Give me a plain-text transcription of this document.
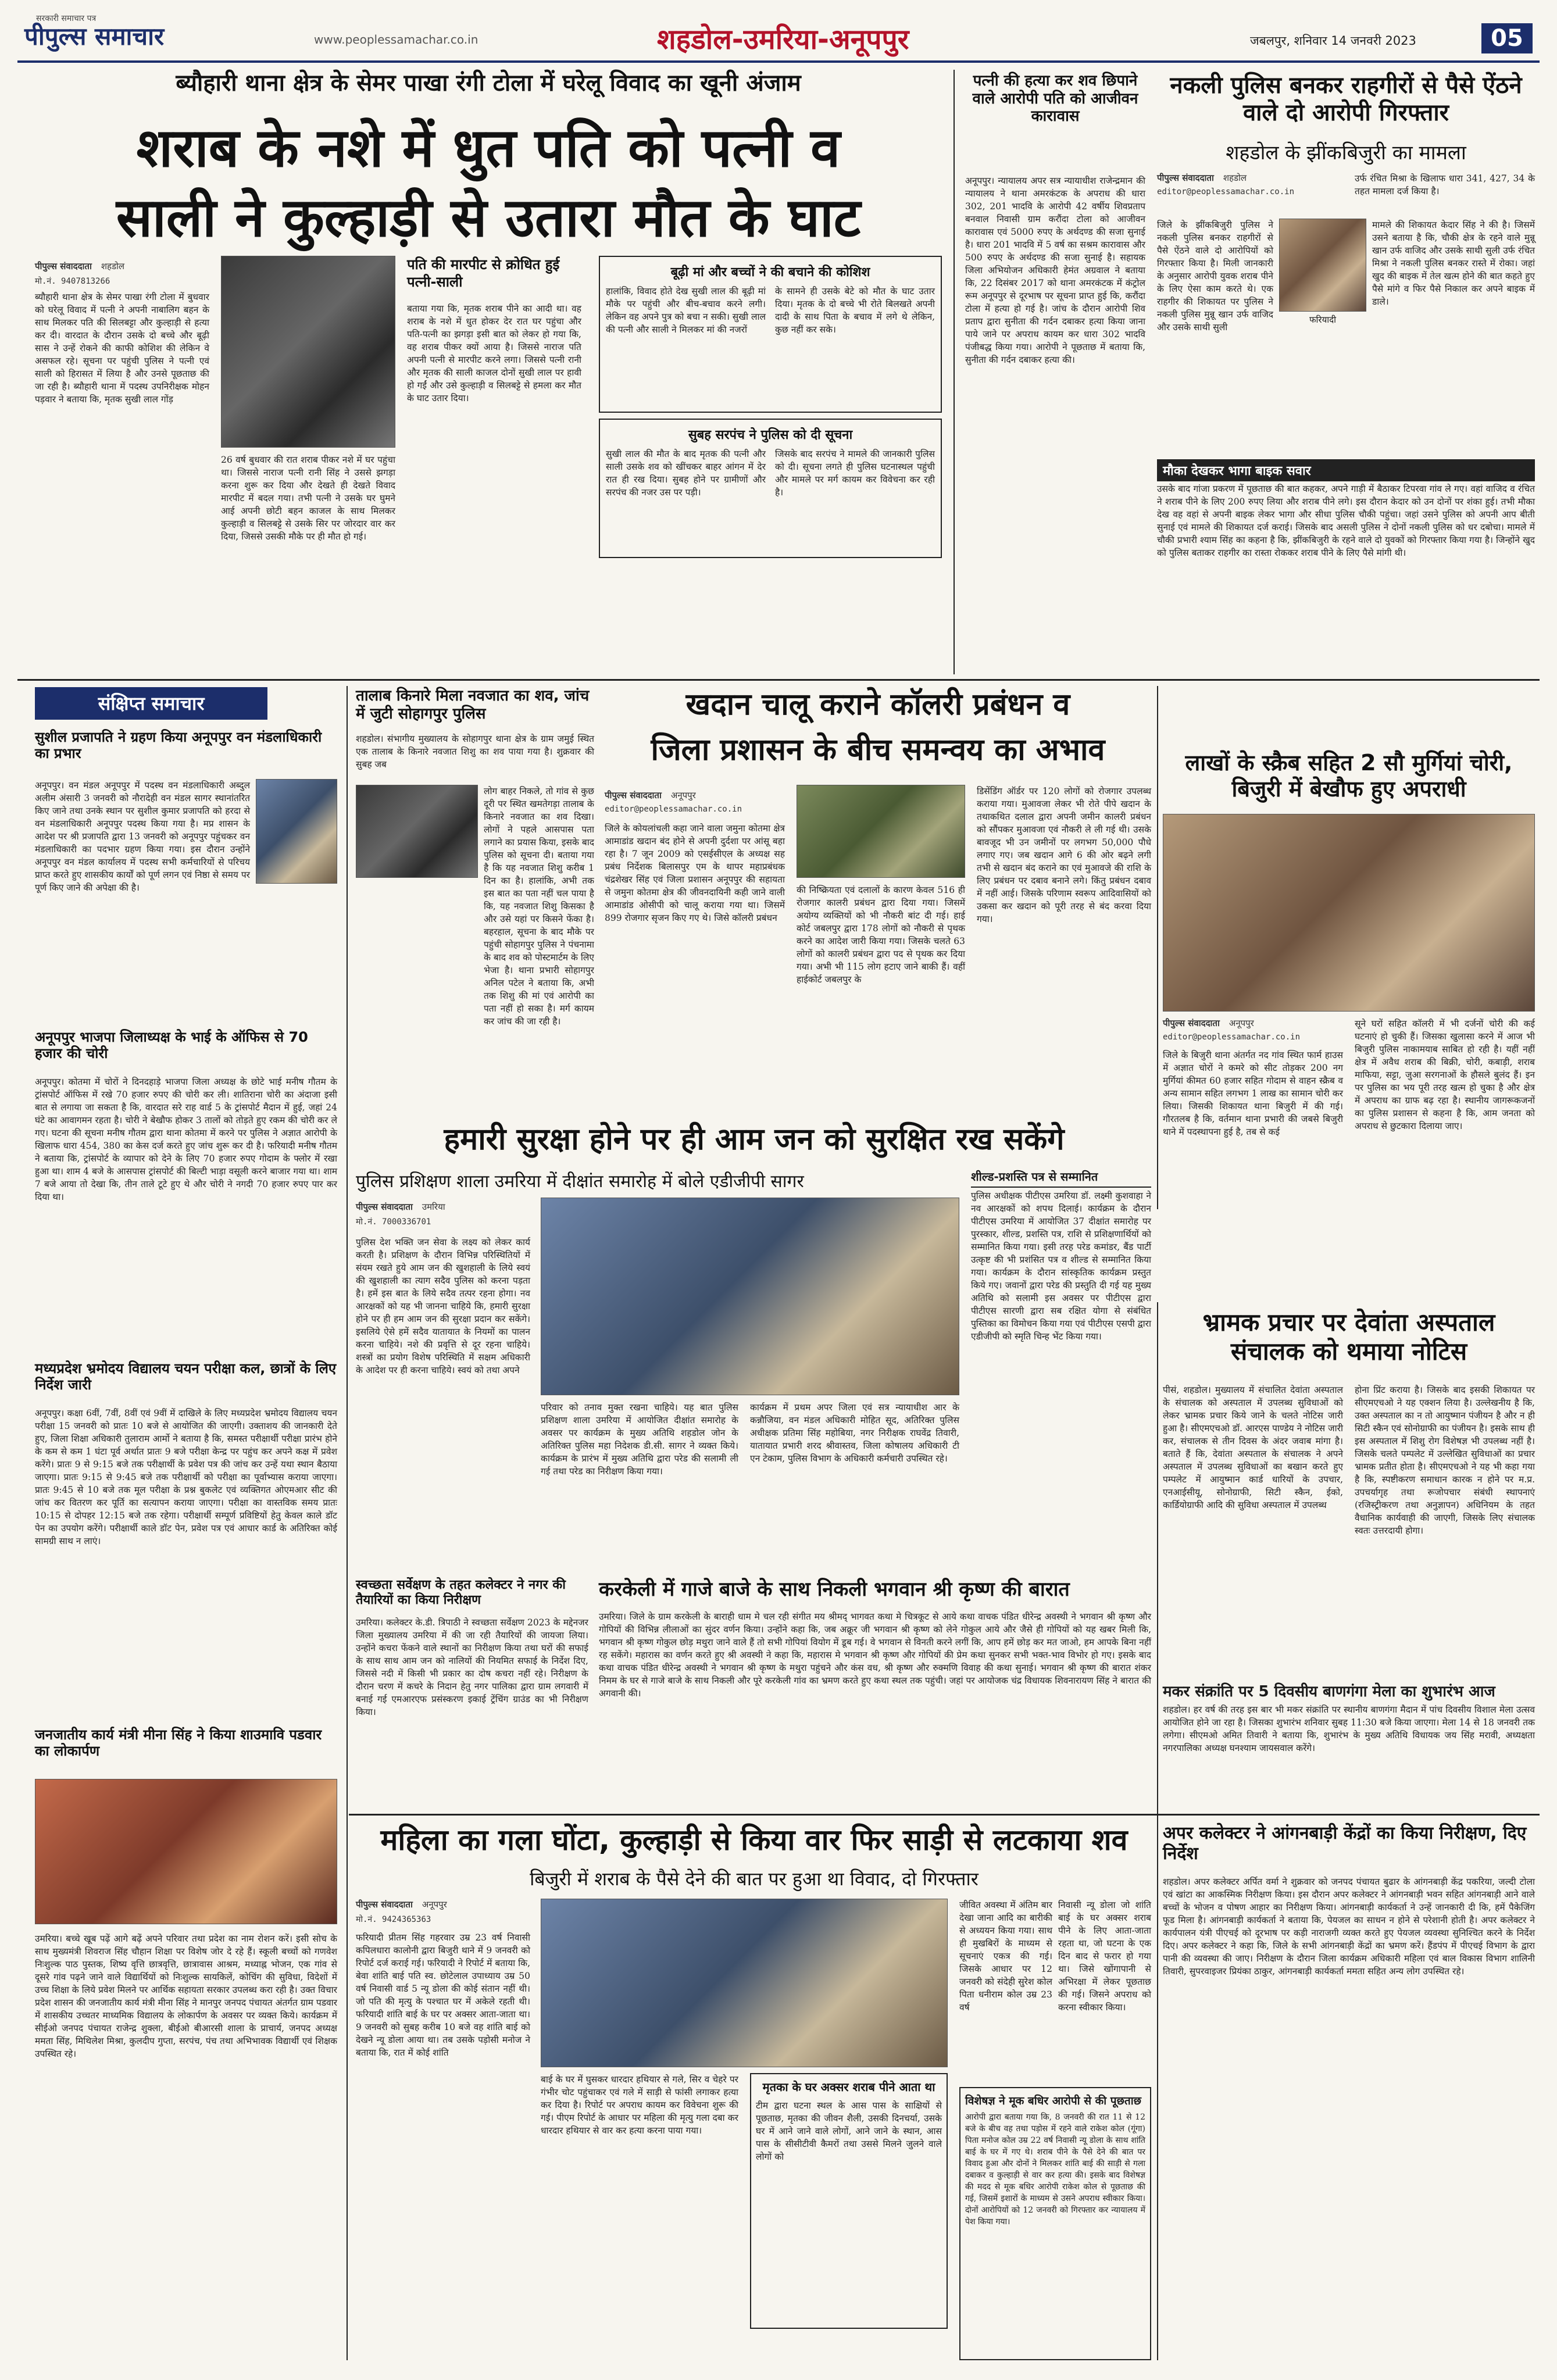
सरकारी समाचार पत्र
पीपुल्स समाचार	www.peoplessamachar.co.in	शहडोल-उमरिया-अनूपपुर	जबलपुर, शनिवार 14 जनवरी 2023	05
ब्यौहारी थाना क्षेत्र के सेमर पाखा रंगी टोला में घरेलू विवाद का खूनी अंजाम
शराब के नशे में धुत पति को पत्नी व
साली ने कुल्हाड़ी से उतारा मौत के घाट
पीपुल्स संवाददाता शहडोल
मो.नं. 9407813266
ब्यौहारी थाना क्षेत्र के सेमर पाखा रंगी टोला में बुधवार को घरेलू विवाद में पत्नी ने अपनी नाबालिग बहन के साथ मिलकर पति की सिलबट्टा और कुल्हाड़ी से हत्या कर दी। वारदात के दौरान उसके दो बच्चे और बूढ़ी सास ने उन्हें रोकने की काफी कोशिश की लेकिन वे असफल रहे। सूचना पर पहुंची पुलिस ने पत्नी एवं साली को हिरासत में लिया है और उनसे पूछताछ की जा रही है। ब्यौहारी थाना में पदस्थ उपनिरीक्षक मोहन पड़वार ने बताया कि, मृतक सुखी लाल गोंड़
26 वर्ष बुधवार की रात शराब पीकर नशे में घर पहुंचा था। जिससे नाराज पत्नी रानी सिंह ने उससे झगड़ा करना शुरू कर दिया और देखते ही देखते विवाद मारपीट में बदल गया। तभी पत्नी ने उसके घर घुमने आई अपनी छोटी बहन काजल के साथ मिलकर कुल्हाड़ी व सिलबट्टे से उसके सिर पर जोरदार वार कर दिया, जिससे उसकी मौके पर ही मौत हो गई।
पति की मारपीट से क्रोधित हुई पत्नी-साली
बताया गया कि, मृतक शराब पीने का आदी था। वह शराब के नशे में धुत होकर देर रात घर पहुंचा और पति-पत्नी का झगड़ा इसी बात को लेकर हो गया कि, वह शराब पीकर क्यों आया है। जिससे नाराज पति अपनी पत्नी से मारपीट करने लगा। जिससे पत्नी रानी और मृतक की साली काजल दोनों सुखी लाल पर हावी हो गईं और उसे कुल्हाड़ी व सिलबट्टे से हमला कर मौत के घाट उतार दिया।
बूढ़ी मां और बच्चों ने की बचाने की कोशिश
हालांकि, विवाद होते देख सुखी लाल की बूढ़ी मां मौके पर पहुंची और बीच-बचाव करने लगी। लेकिन वह अपने पुत्र को बचा न सकी। सुखी लाल की पत्नी और साली ने मिलकर मां की नजरों
के सामने ही उसके बेटे को मौत के घाट उतार दिया। मृतक के दो बच्चे भी रोते बिलखते अपनी दादी के साथ पिता के बचाव में लगे थे लेकिन, कुछ नहीं कर सके।
सुबह सरपंच ने पुलिस को दी सूचना
सुखी लाल की मौत के बाद मृतक की पत्नी और साली उसके शव को खींचकर बाहर आंगन में देर रात ही रख दिया। सुबह होने पर ग्रामीणों और सरपंच की नजर उस पर पड़ी।
जिसके बाद सरपंच ने मामले की जानकारी पुलिस को दी। सूचना लगते ही पुलिस घटनास्थल पहुंची और मामले पर मर्ग कायम कर विवेचना कर रही है।
पत्नी की हत्या कर शव छिपाने वाले आरोपी पति को आजीवन कारावास
अनूपपुर। न्यायालय अपर सत्र न्यायाधीश राजेन्द्रमान की न्यायालय ने थाना अमरकंटक के अपराध की धारा 302, 201 भादवि के आरोपी 42 वर्षीय शिवप्रताप बनवाल निवासी ग्राम करौंदा टोला को आजीवन कारावास एवं 5000 रुपए के अर्थदण्ड की सजा सुनाई है। धारा 201 भादवि में 5 वर्ष का सश्रम कारावास और 500 रुपए के अर्थदण्ड की सजा सुनाई है। सहायक जिला अभियोजन अधिकारी हेमंत अग्रवाल ने बताया कि, 22 दिसंबर 2017 को थाना अमरकंटक में कंट्रोल रूम अनूपपुर से दूरभाष पर सूचना प्राप्त हुई कि, करौंदा टोला में हत्या हो गई है। जांच के दौरान आरोपी शिव प्रताप द्वारा सुनीता की गर्दन दबाकर हत्या किया जाना पाये जाने पर अपराध कायम कर धारा 302 भादवि पंजीबद्ध किया गया। आरोपी ने पूछताछ में बताया कि, सुनीता की गर्दन दबाकर हत्या की।
नकली पुलिस बनकर राहगीरों से पैसे ऐंठने वाले दो आरोपी गिरफ्तार
शहडोल के झींकबिजुरी का मामला
पीपुल्स संवाददाता शहडोल
editor@peoplessamachar.co.in
उर्फ रंचित मिश्रा के खिलाफ धारा 341, 427, 34 के तहत मामला दर्ज किया है।
जिले के झींकबिजुरी पुलिस ने नकली पुलिस बनकर राहगीरों से पैसे ऐंठने वाले दो आरोपियों को गिरफ्तार किया है। मिली जानकारी के अनुसार आरोपी युवक शराब पीने के लिए ऐसा काम करते थे। एक राहगीर की शिकायत पर पुलिस ने नकली पुलिस मुन्नू खान उर्फ वाजिद और उसके साथी सुली
फरियादी
मामले की शिकायत केदार सिंह ने की है। जिसमें उसने बताया है कि, चौकी क्षेत्र के रहने वाले मुन्नू खान उर्फ वाजिद और उसके साथी सुली उर्फ रंचित मिश्रा ने नकली पुलिस बनकर रास्ते में रोका। जहां खुद की बाइक में तेल खत्म होने की बात कहते हुए पैसे मांगे व फिर पैसे निकाल कर अपने बाइक में डाले।
मौका देखकर भागा बाइक सवार
उसके बाद गांजा प्रकरण में पूछताछ की बात कहकर, अपने गाड़ी में बैठाकर टिपरवा गांव ले गए। वहां वाजिद व रंचित ने शराब पीने के लिए 200 रुपए लिया और शराब पीने लगे। इस दौरान केदार को उन दोनों पर शंका हुई। तभी मौका देख वह वहां से अपनी बाइक लेकर भागा और सीधा पुलिस चौकी पहुंचा। जहां उसने पुलिस को अपनी आप बीती सुनाई एवं मामले की शिकायत दर्ज कराई। जिसके बाद असली पुलिस ने दोनों नकली पुलिस को धर दबोचा। मामले में चौकी प्रभारी श्याम सिंह का कहना है कि, झींकबिजुरी के रहने वाले दो युवकों को गिरफ्तार किया गया है। जिन्होंने खुद को पुलिस बताकर राहगीर का रास्ता रोककर शराब पीने के लिए पैसे मांगी थी।
संक्षिप्त समाचार
सुशील प्रजापति ने ग्रहण किया अनूपपुर वन मंडलाधिकारी का प्रभार
अनूपपुर। वन मंडल अनूपपुर में पदस्थ वन मंडलाधिकारी अब्दुल अलीम अंसारी 3 जनवरी को नौरादेही वन मंडल सागर स्थानांतरित किए जाने तथा उनके स्थान पर सुशील कुमार प्रजापति को हरदा से वन मंडलाधिकारी अनूपपुर पदस्थ किया गया है। मप्र शासन के आदेश पर श्री प्रजापति द्वारा 13 जनवरी को अनूपपुर पहुंचकर वन मंडलाधिकारी का पदभार ग्रहण किया गया। इस दौरान उन्होंने अनूपपुर वन मंडल कार्यालय में पदस्थ सभी कर्मचारियों से परिचय प्राप्त करते हुए शासकीय कार्यों को पूर्ण लगन एवं निष्ठा से समय पर पूर्ण किए जाने की अपेक्षा की है।
अनूपपुर भाजपा जिलाध्यक्ष के भाई के ऑफिस से 70 हजार की चोरी
अनूपपुर। कोतमा में चोरों ने दिनदहाड़े भाजपा जिला अध्यक्ष के छोटे भाई मनीष गौतम के ट्रांसपोर्ट ऑफिस में रखे 70 हजार रुपए की चोरी कर ली। शातिराना चोरी का अंदाजा इसी बात से लगाया जा सकता है कि, वारदात सरे राह वार्ड 5 के ट्रांसपोर्ट मैदान में हुई, जहां 24 घंटे का आवागमन रहता है। चोरी ने बेखौफ होकर 3 तालों को तोड़ते हुए रकम की चोरी कर ले गए। घटना की सूचना मनीष गौतम द्वारा थाना कोतमा में करने पर पुलिस ने अज्ञात आरोपी के खिलाफ धारा 454, 380 का केस दर्ज करते हुए जांच शुरू कर दी है। फरियादी मनीष गौतम ने बताया कि, ट्रांसपोर्ट के व्यापार को देने के लिए 70 हजार रुपए गोदाम के फ्लोर में रखा हुआ था। शाम 4 बजे के आसपास ट्रांसपोर्ट की बिल्टी भाड़ा वसूली करने बाजार गया था। शाम 7 बजे आया तो देखा कि, तीन ताले टूटे हुए थे और चोरी ने नगदी 70 हजार रुपए पार कर दिया था।
मध्यप्रदेश भ्रमोदय विद्यालय चयन परीक्षा कल, छात्रों के लिए निर्देश जारी
अनूपपुर। कक्षा 6वीं, 7वीं, 8वीं एवं 9वीं में दाखिले के लिए मध्यप्रदेश भ्रमोदय विद्यालय चयन परीक्षा 15 जनवरी को प्रातः 10 बजे से आयोजित की जाएगी। उक्ताशय की जानकारी देते हुए, जिला शिक्षा अधिकारी तुलाराम आर्मो ने बताया है कि, समस्त परीक्षार्थी परीक्षा प्रारंभ होने के कम से कम 1 घंटा पूर्व अर्थात प्रातः 9 बजे परीक्षा केन्द्र पर पहुंच कर अपने कक्ष में प्रवेश करेंगे। प्रातः 9 से 9:15 बजे तक परीक्षार्थी के प्रवेश पत्र की जांच कर उन्हें यथा स्थान बैठाया जाएगा। प्रातः 9:15 से 9:45 बजे तक परीक्षार्थी को परीक्षा का पूर्वाभ्यास कराया जाएगा। प्रातः 9:45 से 10 बजे तक मूल परीक्षा के प्रश्न बुकलेट एवं व्यक्तिगत ओएमआर सीट की जांच कर वितरण कर पूर्ति का सत्यापन कराया जाएगा। परीक्षा का वास्तविक समय प्रातः 10:15 से दोपहर 12:15 बजे तक रहेगा। परीक्षार्थी सम्पूर्ण प्रविष्टियों हेतु केवल काले डॉट पेन का उपयोग करेंगे। परीक्षार्थी काले डॉट पेन, प्रवेश पत्र एवं आधार कार्ड के अतिरिक्त कोई सामग्री साथ न लाएं।
जनजातीय कार्य मंत्री मीना सिंह ने किया शाउमावि पडवार का लोकार्पण
उमरिया। बच्चे खूब पढ़ें आगे बढ़ें अपने परिवार तथा प्रदेश का नाम रोशन करें। इसी सोच के साथ मुख्यमंत्री शिवराज सिंह चौहान शिक्षा पर विशेष जोर दे रहे हैं। स्कूली बच्चों को गणवेश निःशुल्क पाठ पुस्तक, शिष्य वृत्ति छात्रवृत्ति, छात्रावास आश्रम, मध्याह्न भोजन, एक गांव से दूसरे गांव पढ़ने जाने वाले विद्यार्थियों को निःशुल्क सायकिलें, कोचिंग की सुविधा, विदेशों में उच्च शिक्षा के लिये प्रवेश मिलने पर आर्थिक सहायता सरकार उपलब्ध करा रही है। उक्त विचार प्रदेश शासन की जनजातीय कार्य मंत्री मीना सिंह ने मानपुर जनपद पंचायत अंतर्गत ग्राम पडवार में शासकीय उच्चतर माध्यमिक विद्यालय के लोकार्पण के अवसर पर व्यक्त किये। कार्यक्रम में सीईओ जनपद पंचायत राजेन्द्र शुक्ला, बीईओ बीआरसी शाला के प्राचार्य, जनपद अध्यक्ष ममता सिंह, मिथिलेश मिश्रा, कुलदीप गुप्ता, सरपंच, पंच तथा अभिभावक विद्यार्थी एवं शिक्षक उपस्थित रहे।
तालाब किनारे मिला नवजात का शव, जांच में जुटी सोहागपुर पुलिस
शहडोल। संभागीय मुख्यालय के सोहागपुर थाना क्षेत्र के ग्राम जमुई स्थित एक तालाब के किनारे नवजात शिशु का शव पाया गया है। शुक्रवार की सुबह जब
लोग बाहर निकले, तो गांव से कुछ दूरी पर स्थित खमतेगड़ा तालाब के किनारे नवजात का शव दिखा। लोगों ने पहले आसपास पता लगाने का प्रयास किया, इसके बाद पुलिस को सूचना दी। बताया गया है कि यह नवजात शिशु करीब 1 दिन का है। हालांकि, अभी तक इस बात का पता नहीं चल पाया है कि, यह नवजात शिशु किसका है और उसे यहां पर किसने फेंका है। बहरहाल, सूचना के बाद मौके पर पहुंची सोहागपुर पुलिस ने पंचनामा के बाद शव को पोस्टमार्टम के लिए भेजा है। थाना प्रभारी सोहागपुर अनिल पटेल ने बताया कि, अभी तक शिशु की मां एवं आरोपी का पता नहीं हो सका है। मर्ग कायम कर जांच की जा रही है।
खदान चालू कराने कॉलरी प्रबंधन व
जिला प्रशासन के बीच समन्वय का अभाव
पीपुल्स संवाददाता अनूपपुर
editor@peoplessamachar.co.in
जिले के कोयलांचली कहा जाने वाला जमुना कोतमा क्षेत्र आमाडांड खदान बंद होने से अपनी दुर्दशा पर आंसू बहा रहा है। 7 जून 2009 को एसईसीएल के अध्यक्ष सह प्रबंध निर्देशक बिलासपुर एम के थापर महाप्रबंधक चंद्रशेखर सिंह एवं जिला प्रशासन अनूपपुर की सहायता से जमुना कोतमा क्षेत्र की जीवनदायिनी कही जाने वाली आमाडांड ओसीपी को चालू कराया गया था। जिसमें 899 रोजगार सृजन किए गए थे। जिसे कॉलरी प्रबंधन
की निष्क्रियता एवं दलालों के कारण केवल 516 ही रोजगार कालरी प्रबंधन द्वारा दिया गया। जिसमें अयोग्य व्यक्तियों को भी नौकरी बांट दी गई। हाई कोर्ट जबलपुर द्वारा 178 लोगों को नौकरी से पृथक करने का आदेश जारी किया गया। जिसके चलते 63 लोगों को कालरी प्रबंधन द्वारा पद से पृथक कर दिया गया। अभी भी 115 लोग हटाए जाने बाकी हैं। वहीं हाईकोर्ट जबलपुर के
डिसेंडिंग ऑर्डर पर 120 लोगों को रोजगार उपलब्ध कराया गया। मुआवजा लेकर भी रोते पीपे खदान के तथाकथित दलाल द्वारा अपनी जमीन कालरी प्रबंधन को सौंपकर मुआवजा एवं नौकरी ले ली गई थी। उसके बावजूद भी उन जमीनों पर लगभग 50,000 पौधे लगाए गए। जब खदान आगे 6 की ओर बढ़ने लगी तभी से खदान बंद कराने का एवं मुआवजे की राशि के लिए प्रबंधन पर दबाव बनाने लगे। किंतु प्रबंधन दबाव में नहीं आई। जिसके परिणाम स्वरूप आदिवासियों को उकसा कर खदान को पूरी तरह से बंद करवा दिया गया।
लाखों के स्क्रैब सहित 2 सौ मुर्गियां चोरी, बिजुरी में बेखौफ हुए अपराधी
पीपुल्स संवाददाता अनूपपुर
editor@peoplessamachar.co.in
जिले के बिजुरी थाना अंतर्गत नद गांव स्थित फार्म हाउस में अज्ञात चोरों ने कमरे को सीट तोड़कर 200 नग मुर्गियां कीमत 60 हजार सहित गोदाम से वाहन स्क्रैब व अन्य सामान सहित लगभग 1 लाख का सामान चोरी कर लिया। जिसकी शिकायत थाना बिजुरी में की गई। गौरतलब है कि, वर्तमान थाना प्रभारी की जबसे बिजुरी थाने में पदस्थापना हुई है, तब से कई
सूने घरों सहित कॉलरी में भी दर्जनों चोरी की कई घटनाएं हो चुकी हैं। जिसका खुलासा करने में आज भी बिजुरी पुलिस नाकामयाब साबित हो रही है। यहीं नहीं क्षेत्र में अवैध शराब की बिक्री, चोरी, कबाड़ी, शराब माफिया, सट्टा, जुआ सरगनाओं के हौसले बुलंद हैं। इन पर पुलिस का भय पूरी तरह खत्म हो चुका है और क्षेत्र में अपराध का ग्राफ बढ़ रहा है। स्थानीय जागरूकजनों का पुलिस प्रशासन से कहना है कि, आम जनता को अपराध से छुटकारा दिलाया जाए।
हमारी सुरक्षा होने पर ही आम जन को सुरक्षित रख सकेंगे
पुलिस प्रशिक्षण शाला उमरिया में दीक्षांत समारोह में बोले एडीजीपी सागर
पीपुल्स संवाददाता उमरिया
मो.नं. 7000336701
पुलिस देश भक्ति जन सेवा के लक्ष्य को लेकर कार्य करती है। प्रशिक्षण के दौरान विभिन्न परिस्थितियों में संयम रखते हुये आम जन की खुशहाली के लिये स्वयं की खुशहाली का त्याग सदैव पुलिस को करना पड़ता है। हमें इस बात के लिये सदैव तत्पर रहना होगा। नव आरक्षकों को यह भी जानना चाहिये कि, हमारी सुरक्षा होने पर ही हम आम जन की सुरक्षा प्रदान कर सकेंगे। इसलिये ऐसे हमें सदैव यातायात के नियमों का पालन करना चाहिये। नशे की प्रवृत्ति से दूर रहना चाहिये। शस्त्रों का प्रयोग विशेष परिस्थिति में सक्षम अधिकारी के आदेश पर ही करना चाहिये। स्वयं को तथा अपने
परिवार को तनाव मुक्त रखना चाहिये। यह बात पुलिस प्रशिक्षण शाला उमरिया में आयोजित दीक्षांत समारोह के अवसर पर कार्यक्रम के मुख्य अतिथि शहडोल जोन के अतिरिक्त पुलिस महा निदेशक डी.सी. सागर ने व्यक्त किये। कार्यक्रम के प्रारंभ में मुख्य अतिथि द्वारा परेड की सलामी ली गई तथा परेड का निरीक्षण किया गया।
कार्यक्रम में प्रथम अपर जिला एवं सत्र न्यायाधीश आर के कन्नौजिया, वन मंडल अधिकारी मोहित सूद, अतिरिक्त पुलिस अधीक्षक प्रतिमा सिंह महोबिया, नगर निरीक्षक राघवेंद्र तिवारी, यातायात प्रभारी शरद श्रीवास्तव, जिला कोषालय अधिकारी टी एन टेकाम, पुलिस विभाग के अधिकारी कर्मचारी उपस्थित रहे।
शील्ड-प्रशस्ति पत्र से सम्मानित
पुलिस अधीक्षक पीटीएस उमरिया डॉ. लक्ष्मी कुशवाहा ने नव आरक्षकों को शपथ दिलाई। कार्यक्रम के दौरान पीटीएस उमरिया में आयोजित 37 दीक्षांत समारोह पर पुरस्कार, शील्ड, प्रशस्ति पत्र, राशि से प्रशिक्षणार्थियों को सम्मानित किया गया। इसी तरह परेड कमांडर, बैंड पार्टी उत्कृष्ट की भी प्रशंसित पत्र व शील्ड से सम्मानित किया गया। कार्यक्रम के दौरान सांस्कृतिक कार्यक्रम प्रस्तुत किये गए। जवानों द्वारा परेड की प्रस्तुति दी गई यह मुख्य अतिथि को सलामी इस अवसर पर पीटीएस द्वारा पीटीएस सारणी द्वारा सब रक्षित योगा से संबंधित पुस्तिका का विमोचन किया गया एवं पीटीएस एसपी द्वारा एडीजीपी को स्मृति चिन्ह भेंट किया गया।	भ्रामक प्रचार पर देवांता अस्पताल संचालक को थमाया नोटिस
पीसं, शहडोल। मुख्यालय में संचालित देवांता अस्पताल के संचालक को अस्पताल में उपलब्ध सुविधाओं को लेकर भ्रामक प्रचार किये जाने के चलते नोटिस जारी हुआ है। सीएमएचओ डॉ. आरएस पाण्डेय ने नोटिस जारी कर, संचालक से तीन दिवस के अंदर जवाब मांगा है। बताते हैं कि, देवांता अस्पताल के संचालक ने अपने अस्पताल में उपलब्ध सुविधाओं का बखान करते हुए पम्पलेट में आयुष्मान कार्ड धारियों के उपचार, एनआईसीयू, सोनोग्राफी, सिटी स्कैन, ईको, कार्डियोग्राफी आदि की सुविधा अस्पताल में उपलब्ध
होना प्रिंट कराया है। जिसके बाद इसकी शिकायत पर सीएमएचओ ने यह एक्शन लिया है। उल्लेखनीय है कि, उक्त अस्पताल का न तो आयुष्मान पंजीयन है और न ही सिटी स्कैन एवं सोनोग्राफी का पंजीयन है। इसके साथ ही इस अस्पताल में शिशु रोग विशेषज्ञ भी उपलब्ध नहीं है। जिसके चलते पम्पलेट में उल्लेखित सुविधाओं का प्रचार भ्रामक प्रतीत होता है। सीएमएचओ ने यह भी कहा गया है कि, स्पष्टीकरण समाधान कारक न होने पर म.प्र. उपचर्यागृह तथा रूजोपचार संबंधी स्थापनाएं (रजिस्ट्रीकरण तथा अनुज्ञापन) अधिनियम के तहत वैधानिक कार्यवाही की जाएगी, जिसके लिए संचालक स्वतः उत्तरदायी होगा।
स्वच्छता सर्वेक्षण के तहत कलेक्टर ने नगर की तैयारियों का किया निरीक्षण
उमरिया। कलेक्टर के.डी. त्रिपाठी ने स्वच्छता सर्वेक्षण 2023 के मद्देनजर जिला मुख्यालय उमरिया में की जा रही तैयारियों की जायजा लिया। उन्होंने कचरा फेंकने वाले स्थानों का निरीक्षण किया तथा घरों की सफाई के साथ साथ आम जन को नालियों की नियमित सफाई के निर्देश दिए, जिससे नदी में किसी भी प्रकार का दोष कचरा नहीं रहे। निरीक्षण के दौरान चरण में कचरे के निदान हेतु नगर पालिका द्वारा ग्राम लगवारी में बनाई गई एमआरएफ प्रसंस्करण इकाई ट्रेंचिंग ग्राउंड का भी निरीक्षण किया।
करकेली में गाजे बाजे के साथ निकली भगवान श्री कृष्ण की बारात
उमरिया। जिले के ग्राम करकेली के बाराही धाम मे चल रही संगीत मय श्रीमद् भागवत कथा मे चित्रकूट से आये कथा वाचक पंडित धीरेन्द्र अवस्थी ने भगवान श्री कृष्ण और गोपियों की विभिन्न लीलाओं का सुंदर वर्णन किया। उन्होंने कहा कि, जब अक्रूर जी भगवान श्री कृष्ण को लेने गोकुल आये और जैसे ही गोपियों को यह खबर मिली कि, भगवान श्री कृष्ण गोकुल छोड़ मथुरा जाने वाले हैं तो सभी गोपियां वियोग में डूब गई। वे भगवान से विनती करने लगीं कि, आप हमें छोड़ कर मत जाओ, हम आपके बिना नहीं रह सकेंगे। महारास का वर्णन करते हुए श्री अवस्थी ने कहा कि, महारास मे भगवान श्री कृष्ण और गोपियों की प्रेम कथा सुनकर सभी भक्त-भाव विभोर हो गए। इसके बाद कथा वाचक पंडित धीरेन्द्र अवस्थी ने भगवान श्री कृष्ण के मथुरा पहुंचने और कंस वध, श्री कृष्ण और रुक्मणि विवाह की कथा सुनाई। भगवान श्री कृष्ण की बारात शंकर निमम के घर से गाजे बाजे के साथ निकली और पूरे करकेली गांव का भ्रमण करते हुए कथा स्थल तक पहुंची। जहां पर आयोजक चंद्र विधायक शिवनारायण सिंह ने बारात की अगवानी की।	मकर संक्रांति पर 5 दिवसीय बाणगंगा मेला का शुभारंभ आज
शहडोल। हर वर्ष की तरह इस बार भी मकर संक्रांति पर स्थानीय बाणगंगा मैदान में पांच दिवसीय विशाल मेला उत्सव आयोजित होने जा रहा है। जिसका शुभारंभ शनिवार सुबह 11:30 बजे किया जाएगा। मेला 14 से 18 जनवरी तक लगेगा। सीएमओ अमित तिवारी ने बताया कि, शुभारंभ के मुख्य अतिथि विधायक जय सिंह मरावी, अध्यक्षता नगरपालिका अध्यक्ष घनश्याम जायसवाल करेंगे।
महिला का गला घोंटा, कुल्हाड़ी से किया वार फिर साड़ी से लटकाया शव
बिजुरी में शराब के पैसे देने की बात पर हुआ था विवाद, दो गिरफ्तार
पीपुल्स संवाददाता अनूपपुर
मो.नं. 9424365363
फरियादी प्रीतम सिंह गहरवार उम्र 23 वर्ष निवासी कपिलधारा कालोनी द्वारा बिजुरी थाने में 9 जनवरी को रिपोर्ट दर्ज कराई गई। फरियादी ने रिपोर्ट में बताया कि, बेवा शांति बाई पति स्व. छोटेलाल उपाध्याय उम्र 50 वर्ष निवासी वार्ड 5 न्यू डोला की कोई संतान नहीं थी। जो पति की मृत्यु के पश्चात घर में अकेले रहती थी। फरियादी शांति बाई के घर पर अक्सर आता-जाता था। 9 जनवरी को सुबह करीब 10 बजे वह शांति बाई को देखने न्यू डोला आया था। तब उसके पड़ोसी मनोज ने बताया कि, रात में कोई शांति
बाई के घर में घुसकर धारदार हथियार से गले, सिर व चेहरे पर गंभीर चोट पहुंचाकर एवं गले में साड़ी से फांसी लगाकर हत्या कर दिया है। रिपोर्ट पर अपराध कायम कर विवेचना शुरू की गई। पीएम रिपोर्ट के आधार पर महिला की मृत्यु गला दबा कर धारदार हथियार से वार कर हत्या करना पाया गया।
मृतका के घर अक्सर शराब पीने आता था
टीम द्वारा घटना स्थल के आस पास के साक्षियों से पूछताछ, मृतका की जीवन शैली, उसकी दिनचर्या, उसके घर में आने जाने वाले लोगों, आने जाने के स्थान, आस पास के सीसीटीवी कैमरों तथा उससे मिलने जुलने वाले लोगों को
जीवित अवस्था में अंतिम बार देखा जाना आदि का बारीकी से अध्ययन किया गया। साथ ही मुखबिरों के माध्यम से सूचनाएं एकत्र की गई। जिसके आधार पर 12 जनवरी को संदेही सुरेश कोल पिता धनीराम कोल उम्र 23 वर्ष
निवासी न्यू डोला जो शांति बाई के घर अक्सर शराब पीने के लिए आता-जाता रहता था, जो घटना के एक दिन बाद से फरार हो गया था। जिसे खोंगापानी से अभिरक्षा में लेकर पूछताछ की गई। जिसने अपराध को करना स्वीकार किया।
विशेषज्ञ ने मूक बधिर आरोपी से की पूछताछ
आरोपी द्वारा बताया गया कि, 8 जनवरी की रात 11 से 12 बजे के बीच वह तथा पड़ोस में रहने वाले राकेश कोल (गूंगा) पिता मनोज कोल उम्र 22 वर्ष निवासी न्यू डोला के साथ शांति बाई के घर में गए थे। शराब पीने के पैसे देने की बात पर विवाद हुआ और दोनों ने मिलकर शांति बाई की साड़ी से गला दबाकर व कुल्हाड़ी से वार कर हत्या की। इसके बाद विशेषज्ञ की मदद से मूक बधिर आरोपी राकेश कोल से पूछताछ की गई, जिसमें इशारों के माध्यम से उसने अपराध स्वीकार किया। दोनों आरोपियों को 12 जनवरी को गिरफ्तार कर न्यायालय में पेश किया गया।
अपर कलेक्टर ने आंगनबाड़ी केंद्रों का किया निरीक्षण, दिए निर्देश
शहडोल। अपर कलेक्टर अर्पित वर्मा ने शुक्रवार को जनपद पंचायत बुढार के आंगनबाड़ी केंद्र पकरिया, जल्दी टोला एवं खांटा का आकस्मिक निरीक्षण किया। इस दौरान अपर कलेक्टर ने आंगनबाड़ी भवन सहित आंगनबाड़ी आने वाले बच्चों के भोजन व पोषण आहार का निरीक्षण किया। आंगनबाड़ी कार्यकर्ता ने उन्हें जानकारी दी कि, हमें पैकेजिंग फूड मिला है। आंगनबाड़ी कार्यकर्ता ने बताया कि, पेयजल का साधन न होने से परेशानी होती है। अपर कलेक्टर ने कार्यपालन यंत्री पीएचई को दूरभाष पर कड़ी नाराजगी व्यक्त करते हुए पेयजल व्यवस्था सुनिश्चित करने के निर्देश दिए। अपर कलेक्टर ने कहा कि, जिले के सभी आंगनबाड़ी केंद्रों का भ्रमण करें। हैंडपंप में पीएचई विभाग के द्वारा पानी की व्यवस्था की जाए। निरीक्षण के दौरान जिला कार्यक्रम अधिकारी महिला एवं बाल विकास विभाग शालिनी तिवारी, सुपरवाइजर प्रियंका ठाकुर, आंगनबाड़ी कार्यकर्ता ममता सहित अन्य लोग उपस्थित रहे।
